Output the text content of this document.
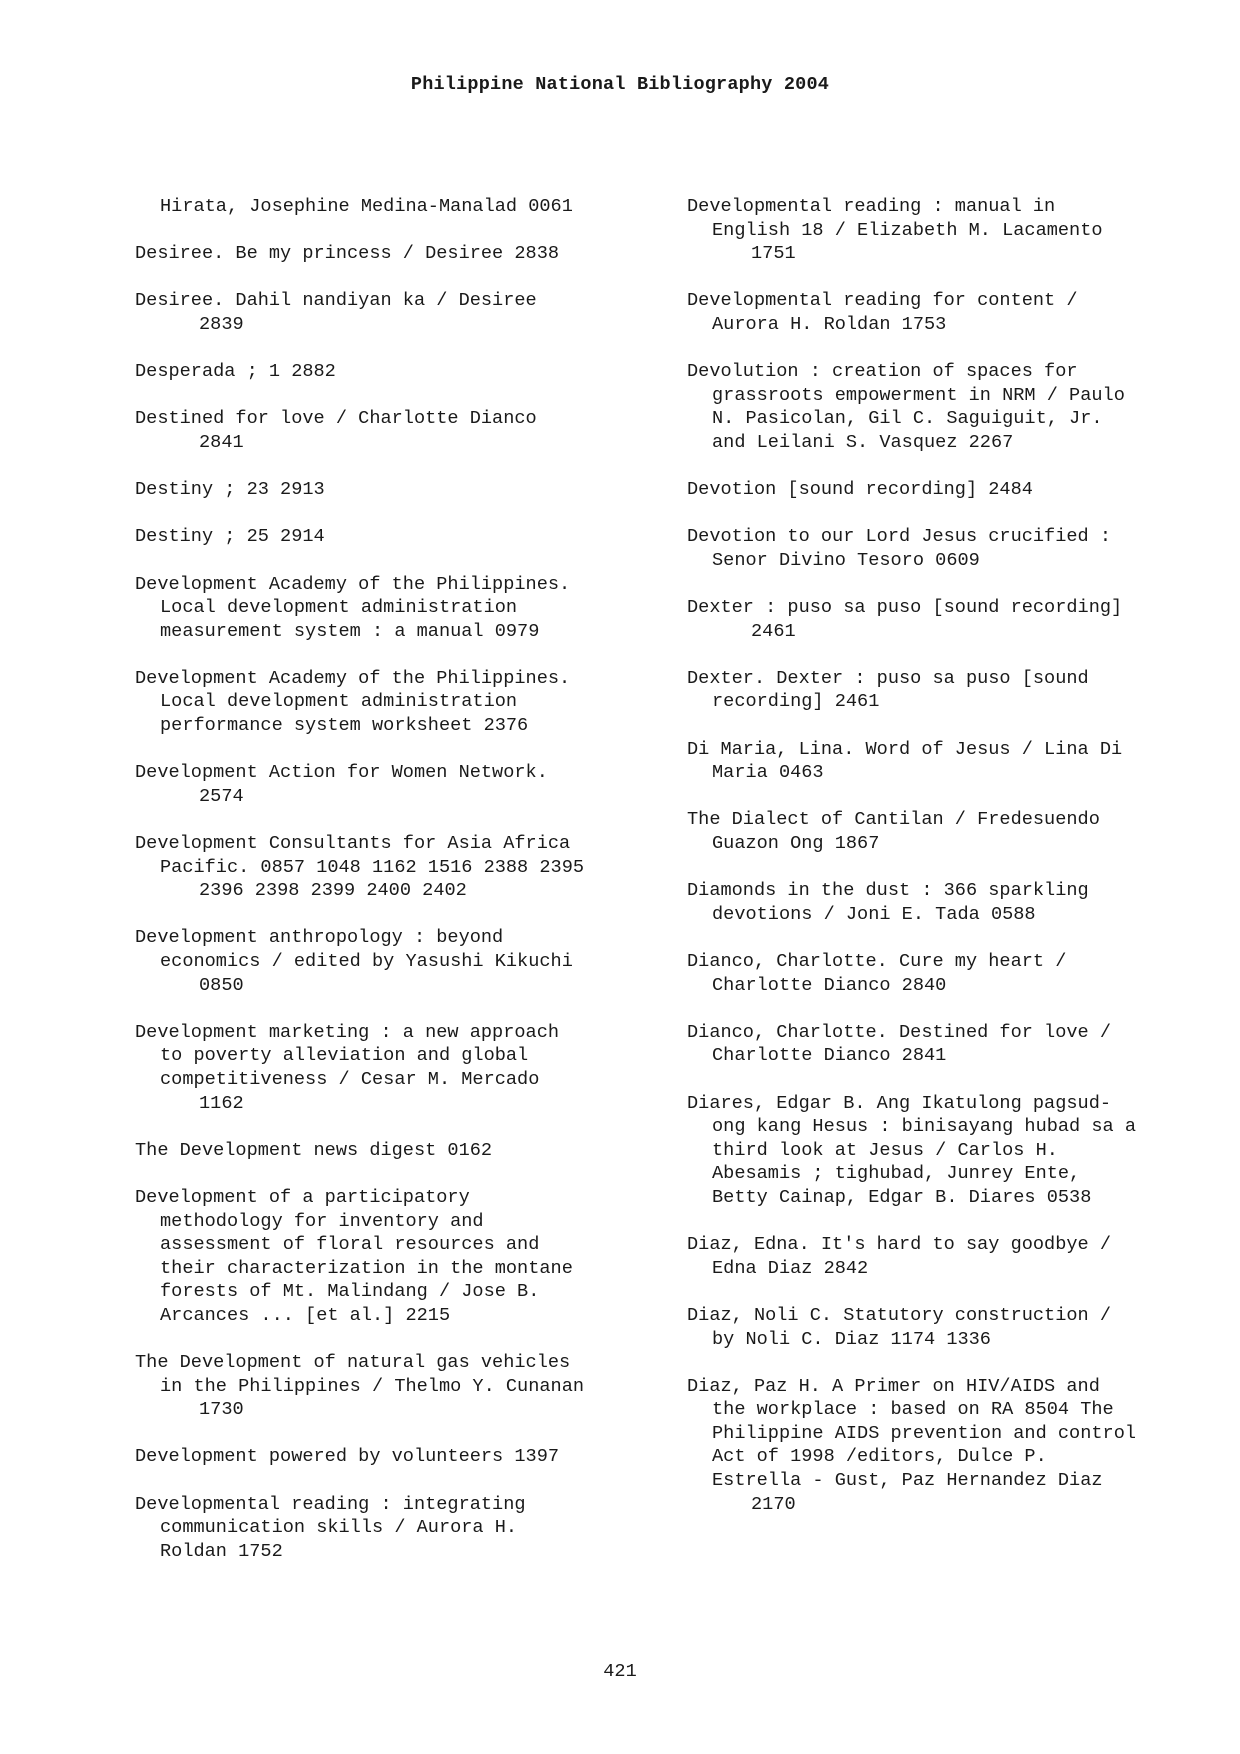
Philippine National Bibliography 2004
Hirata, Josephine Medina-Manalad 0061
Desiree. Be my princess / Desiree 2838
Desiree. Dahil nandiyan ka / Desiree
2839
Desperada ; 1 2882
Destined for love / Charlotte Dianco
2841
Destiny ; 23 2913
Destiny ; 25 2914
Development Academy of the Philippines.
Local development administration
measurement system : a manual 0979
Development Academy of the Philippines.
Local development administration
performance system worksheet 2376
Development Action for Women Network.
2574
Development Consultants for Asia Africa
Pacific. 0857 1048 1162 1516 2388 2395
2396 2398 2399 2400 2402
Development anthropology : beyond
economics / edited by Yasushi Kikuchi
0850
Development marketing : a new approach
to poverty alleviation and global
competitiveness / Cesar M. Mercado
1162
The Development news digest 0162
Development of a participatory
methodology for inventory and
assessment of floral resources and
their characterization in the montane
forests of Mt. Malindang / Jose B.
Arcances ... [et al.] 2215
The Development of natural gas vehicles
in the Philippines / Thelmo Y. Cunanan
1730
Development powered by volunteers 1397
Developmental reading : integrating
communication skills / Aurora H.
Roldan 1752
Developmental reading : manual in
English 18 / Elizabeth M. Lacamento
1751
Developmental reading for content /
Aurora H. Roldan 1753
Devolution : creation of spaces for
grassroots empowerment in NRM / Paulo
N. Pasicolan, Gil C. Saguiguit, Jr.
and Leilani S. Vasquez 2267
Devotion [sound recording] 2484
Devotion to our Lord Jesus crucified :
Senor Divino Tesoro 0609
Dexter : puso sa puso [sound recording]
2461
Dexter. Dexter : puso sa puso [sound
recording] 2461
Di Maria, Lina. Word of Jesus / Lina Di
Maria 0463
The Dialect of Cantilan / Fredesuendo
Guazon Ong 1867
Diamonds in the dust : 366 sparkling
devotions / Joni E. Tada 0588
Dianco, Charlotte. Cure my heart /
Charlotte Dianco 2840
Dianco, Charlotte. Destined for love /
Charlotte Dianco 2841
Diares, Edgar B. Ang Ikatulong pagsud-
ong kang Hesus : binisayang hubad sa a
third look at Jesus / Carlos H.
Abesamis ; tighubad, Junrey Ente,
Betty Cainap, Edgar B. Diares 0538
Diaz, Edna. It's hard to say goodbye /
Edna Diaz 2842
Diaz, Noli C. Statutory construction /
by Noli C. Diaz 1174 1336
Diaz, Paz H. A Primer on HIV/AIDS and
the workplace : based on RA 8504 The
Philippine AIDS prevention and control
Act of 1998 /editors, Dulce P.
Estrella - Gust, Paz Hernandez Diaz
2170
421
